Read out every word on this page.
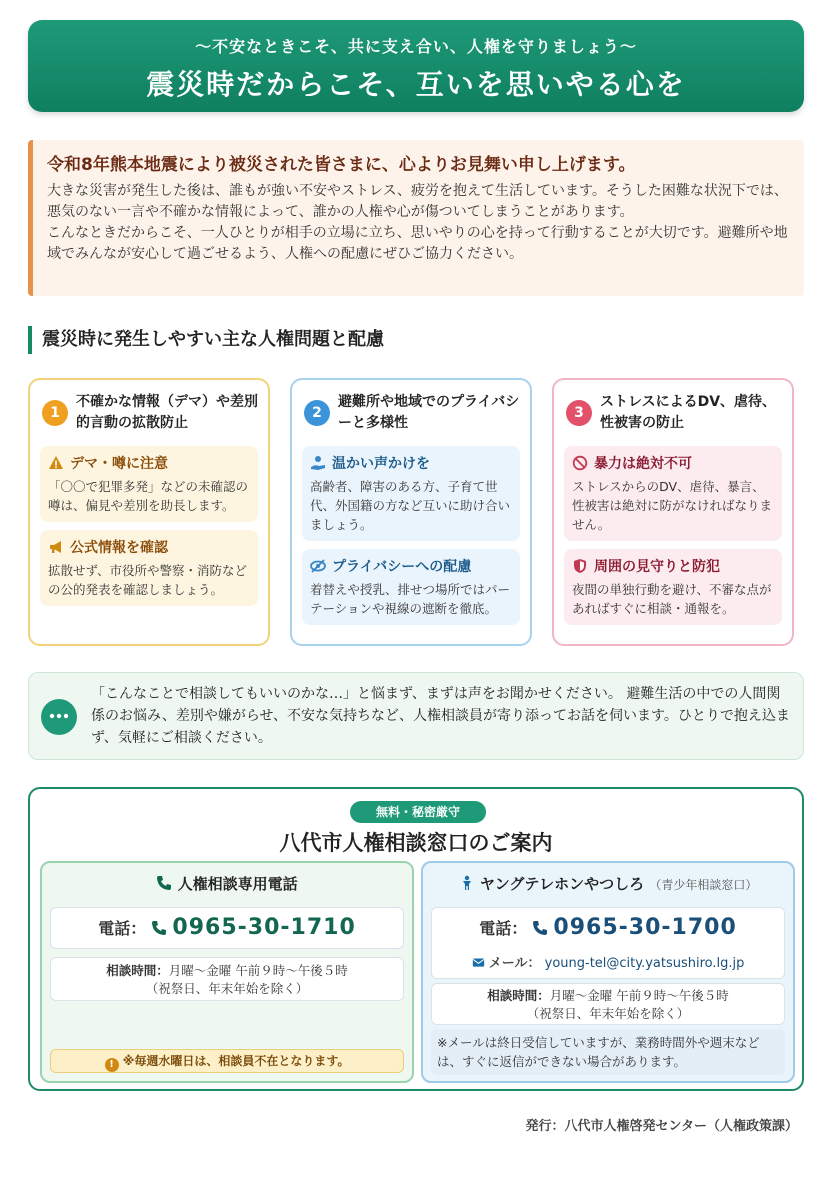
〜不安なときこそ、共に支え合い、人権を守りましょう〜
震災時だからこそ、互いを思いやる心を
令和8年熊本地震により被災された皆さまに、心よりお見舞い申し上げます。

大きな災害が発生した後は、誰もが強い不安やストレス、疲労を抱えて生活しています。そうした困難な状況下では、悪気のない一言や不確かな情報によって、誰かの人権や心が傷ついてしまうことがあります。

こんなときだからこそ、一人ひとりが相手の立場に立ち、思いやりの心を持って行動することが大切です。避難所や地域でみんなが安心して過ごせるよう、人権への配慮にぜひご協力ください。

震災時に発生しやすい主な人権問題と配慮
1
不確かな情報（デマ）や差別的言動の拡散防止
デマ・噂に注意
「〇〇で犯罪多発」などの未確認の噂は、偏見や差別を助長します。
公式情報を確認
拡散せず、市役所や警察・消防などの公的発表を確認しましょう。
2
避難所や地域でのプライバシーと多様性
温かい声かけを
高齢者、障害のある方、子育て世代、外国籍の方など互いに助け合いましょう。
プライバシーへの配慮
着替えや授乳、排せつ場所ではパーテーションや視線の遮断を徹底。
3
ストレスによるDV、虐待、性被害の防止
暴力は絶対不可
ストレスからのDV、虐待、暴言、性被害は絶対に防がなければなりません。
周囲の見守りと防犯
夜間の単独行動を避け、不審な点があればすぐに相談・通報を。
「こんなことで相談してもいいのかな…」と悩まず、まずは声をお聞かせください。 避難生活の中での人間関係のお悩み、差別や嫌がらせ、不安な気持ちなど、人権相談員が寄り添ってお話を伺います。ひとりで抱え込まず、気軽にご相談ください。
無料・秘密厳守
八代市人権相談窓口のご案内
人権相談専用電話
電話： 0965-30-1710
相談時間：月曜〜金曜 午前９時〜午後５時
（祝祭日、年末年始を除く）
! ※毎週水曜日は、相談員不在となります。
ヤングテレホンやつしろ （青少年相談窓口）
電話： 0965-30-1700
メール： young-tel@city.yatsushiro.lg.jp
相談時間：月曜〜金曜 午前９時〜午後５時
（祝祭日、年末年始を除く）
※メールは終日受信していますが、業務時間外や週末などは、すぐに返信ができない場合があります。
発行：八代市人権啓発センター（人権政策課）
